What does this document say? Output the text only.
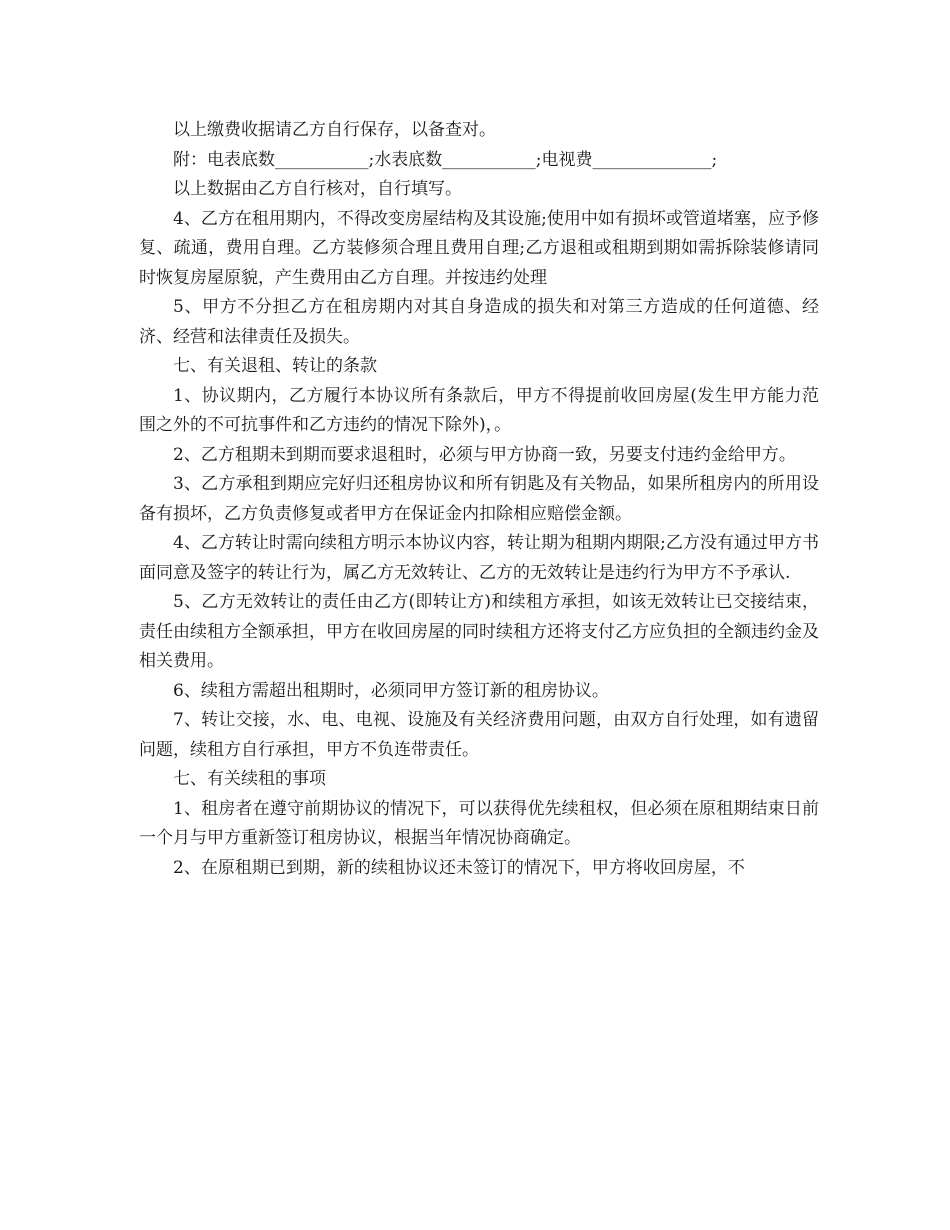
以上缴费收据请乙方自行保存，以备查对。

附：电表底数___________;水表底数___________;电视费______________;

以上数据由乙方自行核对，自行填写。

4、乙方在租用期内，不得改变房屋结构及其设施;使用中如有损坏或管道堵塞，应予修复、疏通，费用自理。乙方装修须合理且费用自理;乙方退租或租期到期如需拆除装修请同时恢复房屋原貌，产生费用由乙方自理。并按违约处理

5、甲方不分担乙方在租房期内对其自身造成的损失和对第三方造成的任何道德、经济、经营和法律责任及损失。

七、有关退租、转让的条款

1、协议期内，乙方履行本协议所有条款后，甲方不得提前收回房屋(发生甲方能力范围之外的不可抗事件和乙方违约的情况下除外)，。

2、乙方租期未到期而要求退租时，必须与甲方协商一致，另要支付违约金给甲方。

3、乙方承租到期应完好归还租房协议和所有钥匙及有关物品，如果所租房内的所用设备有损坏，乙方负责修复或者甲方在保证金内扣除相应赔偿金额。

4、乙方转让时需向续租方明示本协议内容，转让期为租期内期限;乙方没有通过甲方书面同意及签字的转让行为，属乙方无效转让、乙方的无效转让是违约行为甲方不予承认.

5、乙方无效转让的责任由乙方(即转让方)和续租方承担，如该无效转让已交接结束，责任由续租方全额承担，甲方在收回房屋的同时续租方还将支付乙方应负担的全额违约金及相关费用。

6、续租方需超出租期时，必须同甲方签订新的租房协议。

7、转让交接，水、电、电视、设施及有关经济费用问题，由双方自行处理，如有遗留问题，续租方自行承担，甲方不负连带责任。

七、有关续租的事项

1、租房者在遵守前期协议的情况下，可以获得优先续租权，但必须在原租期结束日前一个月与甲方重新签订租房协议，根据当年情况协商确定。

2、在原租期已到期，新的续租协议还未签订的情况下，甲方将收回房屋，不
